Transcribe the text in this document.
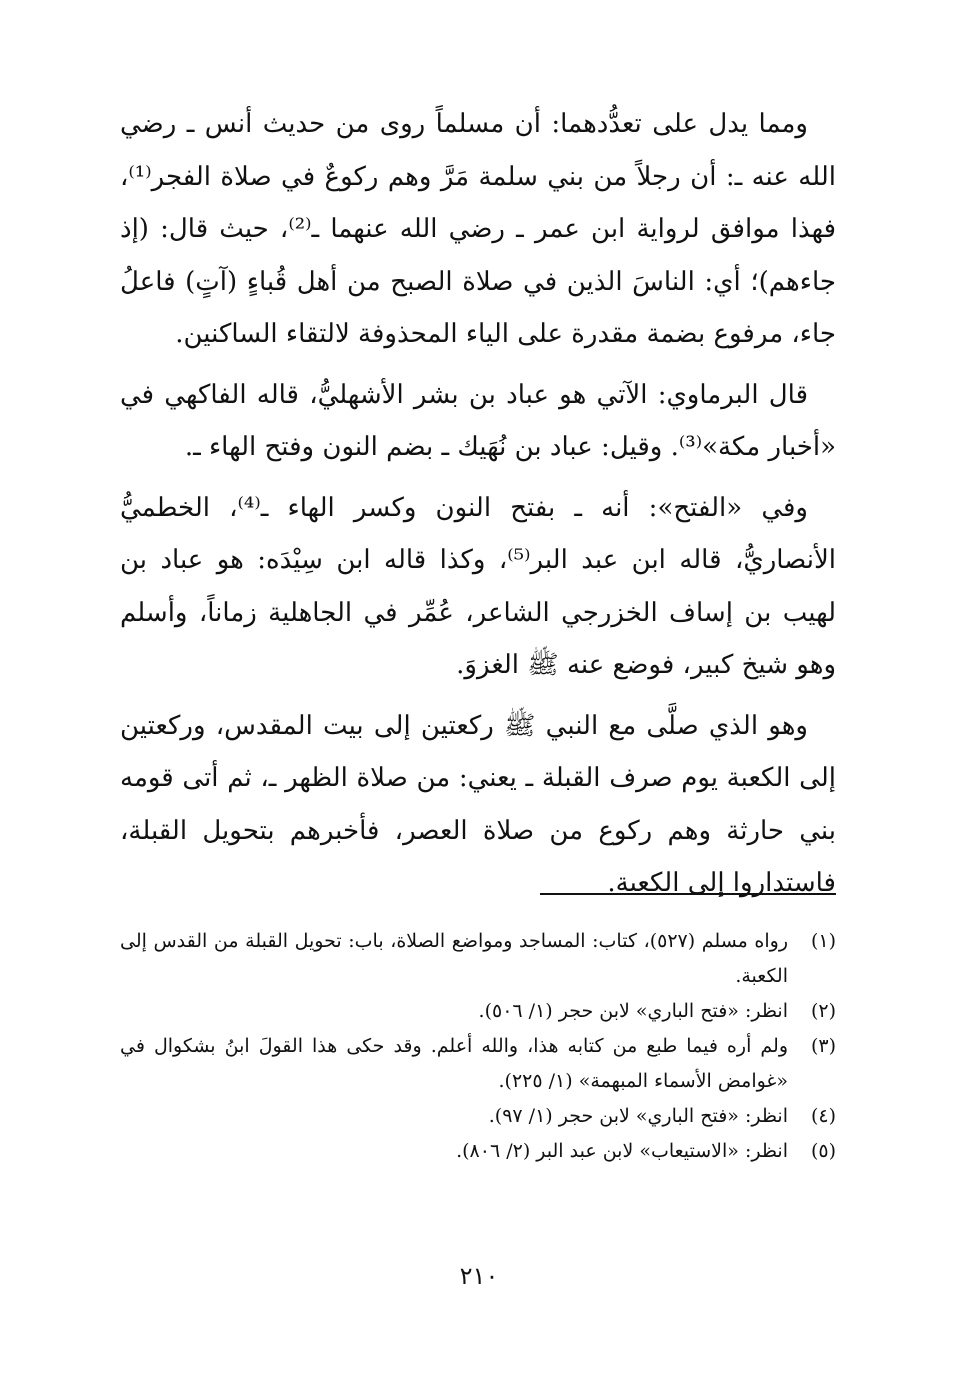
ومما يدل على تعدُّدهما: أن مسلماً روى من حديث أنس ـ رضي الله عنه ـ: أن رجلاً من بني سلمة مَرَّ وهم ركوعٌ في صلاة الفجر⁽¹⁾، فهذا موافق لرواية ابن عمر ـ رضي الله عنهما ـ⁽²⁾، حيث قال: (إذ جاءهم)؛ أي: الناسَ الذين في صلاة الصبح من أهل قُباءٍ (آتٍ) فاعلُ جاء، مرفوع بضمة مقدرة على الياء المحذوفة لالتقاء الساكنين.

قال البرماوي: الآتي هو عباد بن بشر الأشهليُّ، قاله الفاكهي في «أخبار مكة»⁽³⁾. وقيل: عباد بن نُهَيك ـ بضم النون وفتح الهاء ـ.

وفي «الفتح»: أنه ـ بفتح النون وكسر الهاء ـ⁽⁴⁾، الخطميُّ الأنصاريُّ، قاله ابن عبد البر⁽⁵⁾، وكذا قاله ابن سِيْدَه: هو عباد بن لهيب بن إساف الخزرجي الشاعر، عُمِّر في الجاهلية زماناً، وأسلم وهو شيخ كبير، فوضع عنه ﷺ الغزوَ.

وهو الذي صلَّى مع النبي ﷺ ركعتين إلى بيت المقدس، وركعتين إلى الكعبة يوم صرف القبلة ـ يعني: من صلاة الظهر ـ، ثم أتى قومه بني حارثة وهم ركوع من صلاة العصر، فأخبرهم بتحويل القبلة، فاستداروا إلى الكعبة.

(١)
رواه مسلم (٥٢٧)، كتاب: المساجد ومواضع الصلاة، باب: تحويل القبلة من القدس إلى الكعبة.
(٢)
انظر: «فتح الباري» لابن حجر (١/ ٥٠٦).
(٣)
ولم أره فيما طبع من كتابه هذا، والله أعلم. وقد حكى هذا القولَ ابنُ بشكوال في «غوامض الأسماء المبهمة» (١/ ٢٢٥).
(٤)
انظر: «فتح الباري» لابن حجر (١/ ٩٧).
(٥)
انظر: «الاستيعاب» لابن عبد البر (٢/ ٨٠٦).
٢١٠
